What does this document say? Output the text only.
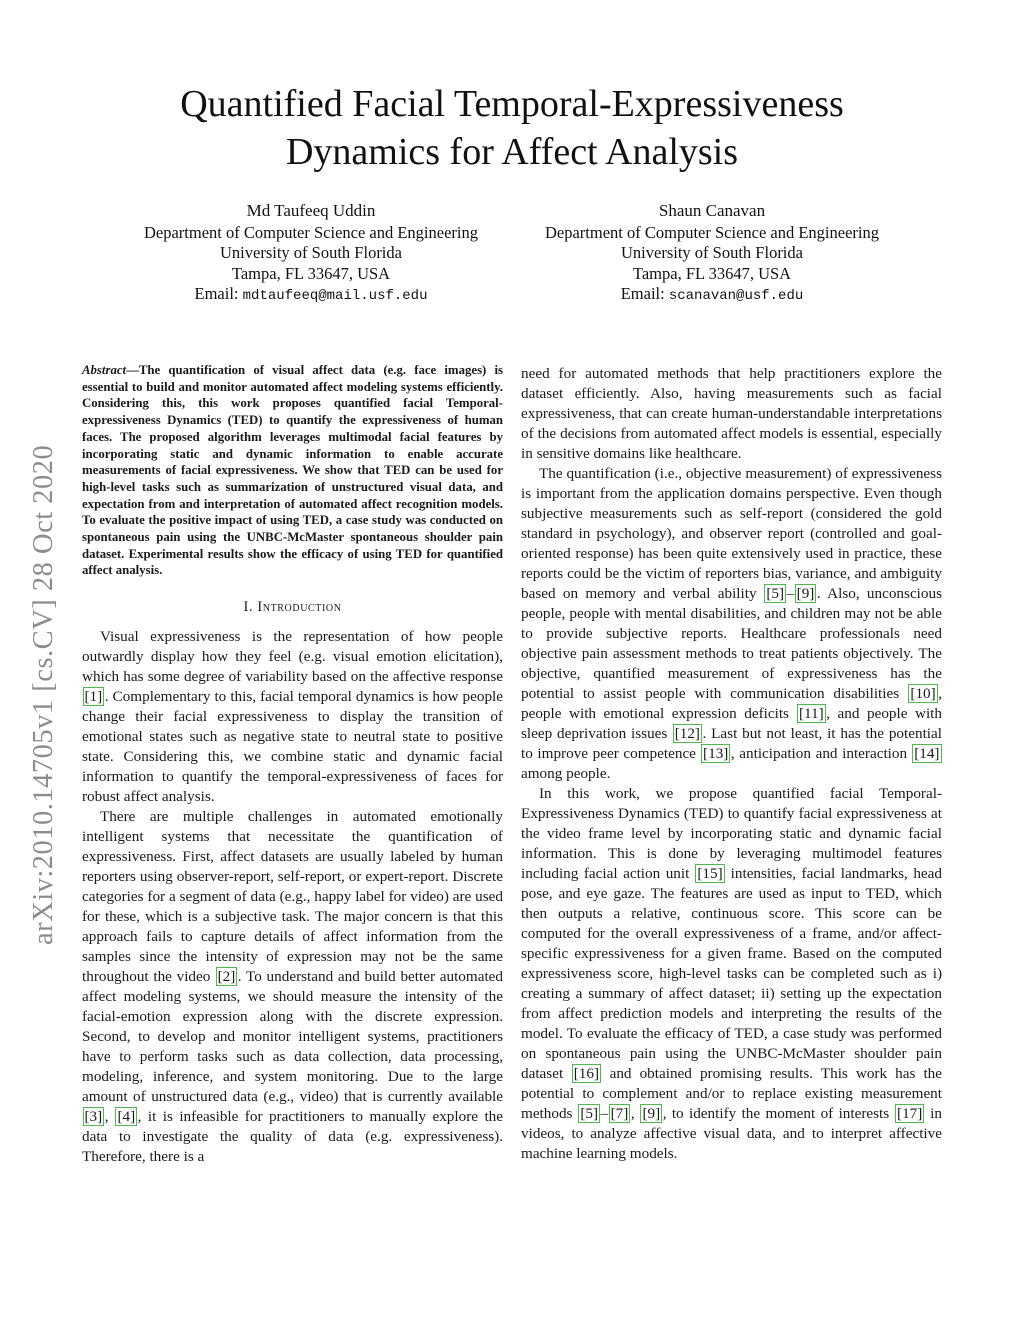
Quantified Facial Temporal-Expressiveness
Dynamics for Affect Analysis
Md Taufeeq Uddin
Department of Computer Science and Engineering
University of South Florida
Tampa, FL 33647, USA
Email: mdtaufeeq@mail.usf.edu
Shaun Canavan
Department of Computer Science and Engineering
University of South Florida
Tampa, FL 33647, USA
Email: scanavan@usf.edu
arXiv:2010.14705v1 [cs.CV] 28 Oct 2020

Abstract—The quantification of visual affect data (e.g. face images) is essential to build and monitor automated affect modeling systems efficiently. Considering this, this work proposes quantified facial Temporal-expressiveness Dynamics (TED) to quantify the expressiveness of human faces. The proposed algorithm leverages multimodal facial features by incorporating static and dynamic information to enable accurate measurements of facial expressiveness. We show that TED can be used for high-level tasks such as summarization of unstructured visual data, and expectation from and interpretation of automated affect recognition models. To evaluate the positive impact of using TED, a case study was conducted on spontaneous pain using the UNBC-McMaster spontaneous shoulder pain dataset. Experimental results show the efficacy of using TED for quantified affect analysis.

I. Introduction

Visual expressiveness is the representation of how people outwardly display how they feel (e.g. visual emotion elicitation), which has some degree of variability based on the affective response [1] . Complementary to this, facial temporal dynamics is how people change their facial expressiveness to display the transition of emotional states such as negative state to neutral state to positive state. Considering this, we combine static and dynamic facial information to quantify the temporal-expressiveness of faces for robust affect analysis.

There are multiple challenges in automated emotionally intelligent systems that necessitate the quantification of expressiveness. First, affect datasets are usually labeled by human reporters using observer-report, self-report, or expert-report. Discrete categories for a segment of data (e.g., happy label for video) are used for these, which is a subjective task. The major concern is that this approach fails to capture details of affect information from the samples since the intensity of expression may not be the same throughout the video [2] . To understand and build better automated affect modeling systems, we should measure the intensity of the facial-emotion expression along with the discrete expression. Second, to develop and monitor intelligent systems, practitioners have to perform tasks such as data collection, data processing, modeling, inference, and system monitoring. Due to the large amount of unstructured data (e.g., video) that is currently available [3] , [4] , it is infeasible for practitioners to manually explore the data to investigate the quality of data (e.g. expressiveness). Therefore, there is a

need for automated methods that help practitioners explore the dataset efficiently. Also, having measurements such as facial expressiveness, that can create human-understandable interpretations of the decisions from automated affect models is essential, especially in sensitive domains like healthcare.

The quantification (i.e., objective measurement) of expressiveness is important from the application domains perspective. Even though subjective measurements such as self-report (considered the gold standard in psychology), and observer report (controlled and goal-oriented response) has been quite extensively used in practice, these reports could be the victim of reporters bias, variance, and ambiguity based on memory and verbal ability [5] – [9] . Also, unconscious people, people with mental disabilities, and children may not be able to provide subjective reports. Healthcare professionals need objective pain assessment methods to treat patients objectively. The objective, quantified measurement of expressiveness has the potential to assist people with communication disabilities [10] , people with emotional expression deficits [11] , and people with sleep deprivation issues [12] . Last but not least, it has the potential to improve peer competence [13] , anticipation and interaction [14] among people.

In this work, we propose quantified facial Temporal-Expressiveness Dynamics (TED) to quantify facial expressiveness at the video frame level by incorporating static and dynamic facial information. This is done by leveraging multimodel features including facial action unit [15] intensities, facial landmarks, head pose, and eye gaze. The features are used as input to TED, which then outputs a relative, continuous score. This score can be computed for the overall expressiveness of a frame, and/or affect-specific expressiveness for a given frame. Based on the computed expressiveness score, high-level tasks can be completed such as i) creating a summary of affect dataset; ii) setting up the expectation from affect prediction models and interpreting the results of the model. To evaluate the efficacy of TED, a case study was performed on spontaneous pain using the UNBC-McMaster shoulder pain dataset [16] and obtained promising results. This work has the potential to complement and/or to replace existing measurement methods [5] – [7] , [9] , to identify the moment of interests [17] in videos, to analyze affective visual data, and to interpret affective machine learning models.
